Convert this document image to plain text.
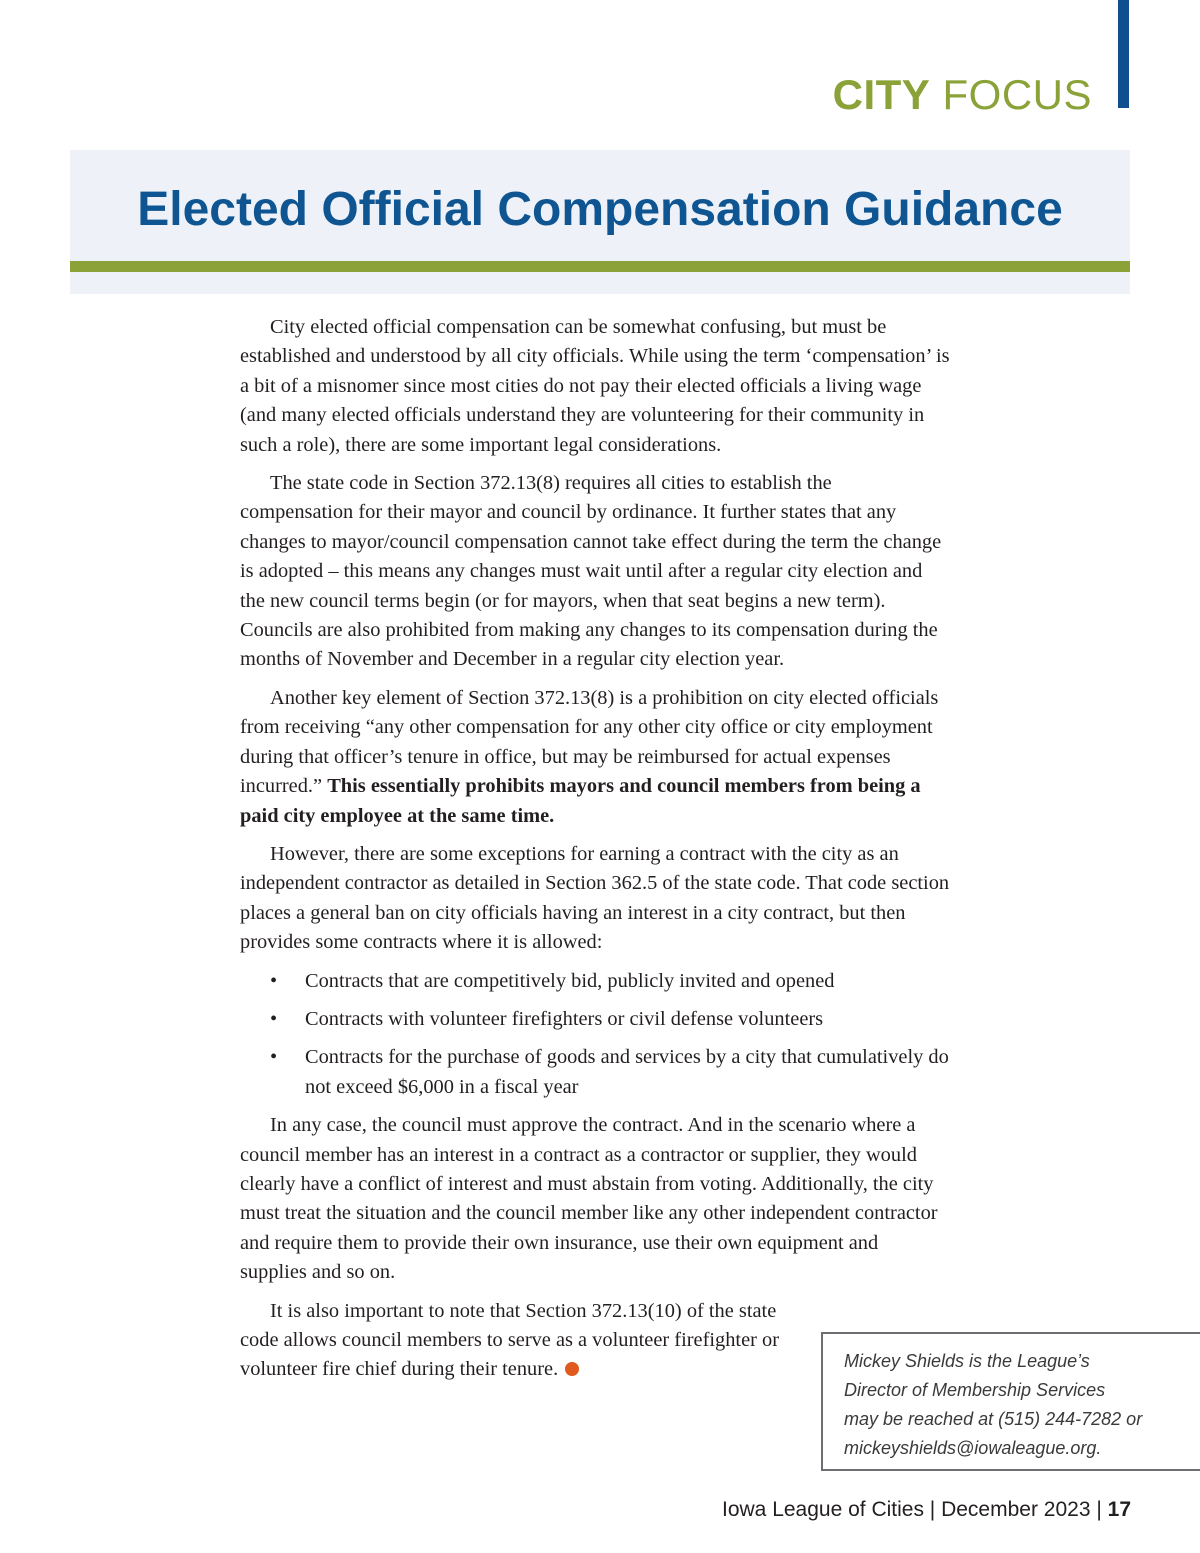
CITY FOCUS
Elected Official Compensation Guidance

City elected official compensation can be somewhat confusing, but must be established and understood by all city officials. While using the term ‘compensation’ is a bit of a misnomer since most cities do not pay their elected officials a living wage (and many elected officials understand they are volunteering for their community in such a role), there are some important legal considerations.

The state code in Section 372.13(8) requires all cities to establish the compensation for their mayor and council by ordinance. It further states that any changes to mayor/council compensation cannot take effect during the term the change is adopted – this means any changes must wait until after a regular city election and the new council terms begin (or for mayors, when that seat begins a new term). Councils are also prohibited from making any changes to its compensation during the months of November and December in a regular city election year.

Another key element of Section 372.13(8) is a prohibition on city elected officials from receiving “any other compensation for any other city office or city employment during that officer’s tenure in office, but may be reimbursed for actual expenses incurred.” This essentially prohibits mayors and council members from being a paid city employee at the same time.

However, there are some exceptions for earning a contract with the city as an independent contractor as detailed in Section 362.5 of the state code. That code section places a general ban on city officials having an interest in a city contract, but then provides some contracts where it is allowed:

• Contracts that are competitively bid, publicly invited and opened
• Contracts with volunteer firefighters or civil defense volunteers
• Contracts for the purchase of goods and services by a city that cumulatively do not exceed $6,000 in a fiscal year

In any case, the council must approve the contract. And in the scenario where a council member has an interest in a contract as a contractor or supplier, they would clearly have a conflict of interest and must abstain from voting. Additionally, the city must treat the situation and the council member like any other independent contractor and require them to provide their own insurance, use their own equipment and supplies and so on.

It is also important to note that Section 372.13(10) of the state code allows council members to serve as a volunteer firefighter or volunteer fire chief during their tenure.	Mickey Shields is the League’s
Director of Membership Services
may be reached at (515) 244-7282 or
mickeyshields@iowaleague.org.
Iowa League of Cities | December 2023 | 17
